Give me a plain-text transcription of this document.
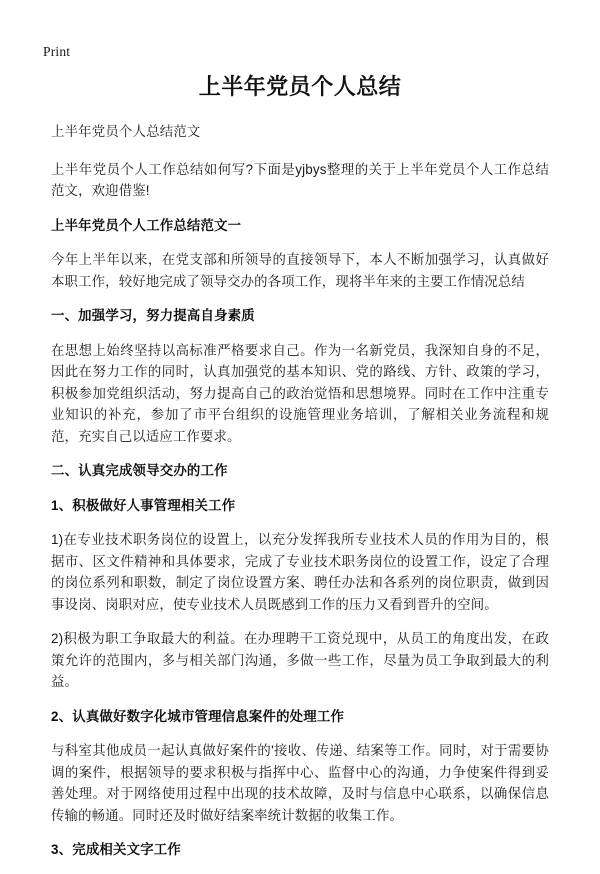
Print
上半年党员个人总结
上半年党员个人总结范文

上半年党员个人工作总结如何写?下面是yjbys整理的关于上半年党员个人工作总结范文，欢迎借鉴!

上半年党员个人工作总结范文一

今年上半年以来，在党支部和所领导的直接领导下，本人不断加强学习，认真做好本职工作，较好地完成了领导交办的各项工作，现将半年来的主要工作情况总结

一、加强学习，努力提高自身素质

在思想上始终坚持以高标准严格要求自己。作为一名新党员，我深知自身的不足，因此在努力工作的同时，认真加强党的基本知识、党的路线、方针、政策的学习，积极参加党组织活动，努力提高自己的政治觉悟和思想境界。同时在工作中注重专业知识的补充，参加了市平台组织的设施管理业务培训，了解相关业务流程和规范，充实自己以适应工作要求。

二、认真完成领导交办的工作
1、积极做好人事管理相关工作

1)在专业技术职务岗位的设置上，以充分发挥我所专业技术人员的作用为目的，根据市、区文件精神和具体要求，完成了专业技术职务岗位的设置工作，设定了合理的岗位系列和职数，制定了岗位设置方案、聘任办法和各系列的岗位职责，做到因事设岗、岗职对应，使专业技术人员既感到工作的压力又看到晋升的空间。

2)积极为职工争取最大的利益。在办理聘干工资兑现中，从员工的角度出发，在政策允许的范围内，多与相关部门沟通，多做一些工作，尽量为员工争取到最大的利益。

2、认真做好数字化城市管理信息案件的处理工作

与科室其他成员一起认真做好案件的'接收、传递、结案等工作。同时，对于需要协调的案件，根据领导的要求积极与指挥中心、监督中心的沟通，力争使案件得到妥善处理。对于网络使用过程中出现的技术故障，及时与信息中心联系，以确保信息传输的畅通。同时还及时做好结案率统计数据的收集工作。

3、完成相关文字工作
